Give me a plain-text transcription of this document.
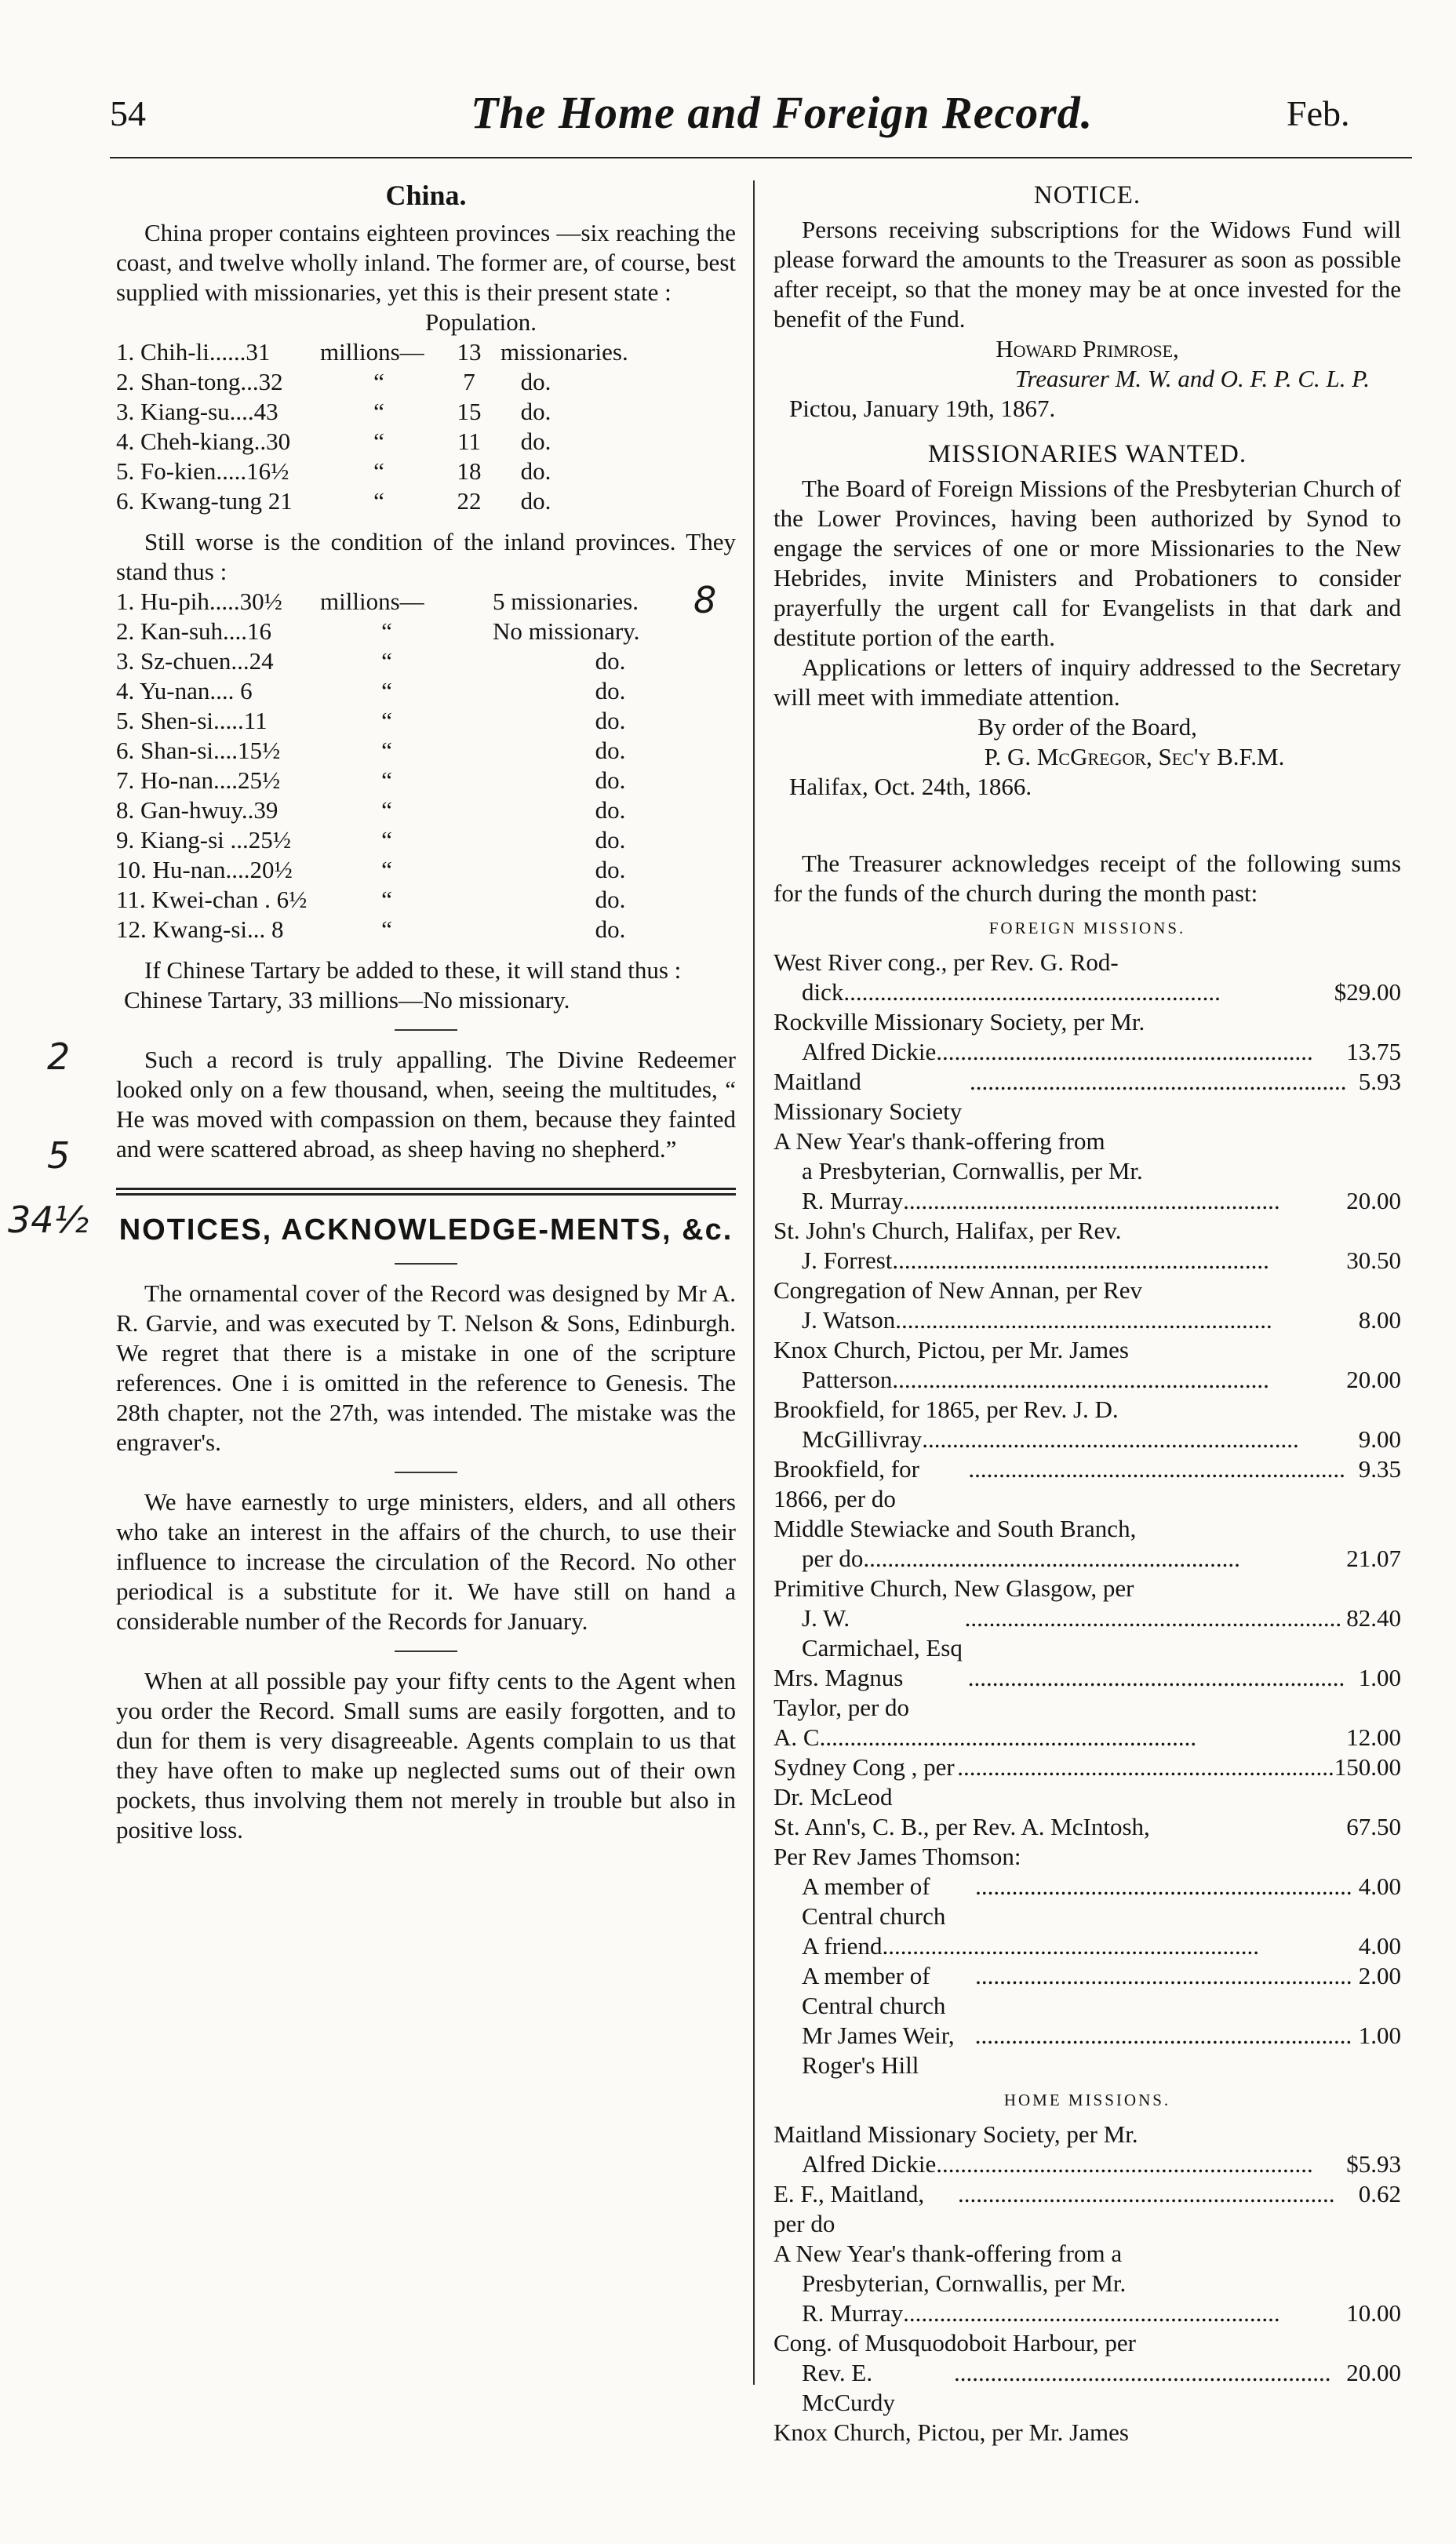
54	The Home and Foreign Record.	Feb.
8
2
5
34½
China.

China proper contains eighteen provinces —six reaching the coast, and twelve wholly inland. The former are, of course, best supplied with missionaries, yet this is their present state :

Population.
1. Chih-li......31	millions—	13 missionaries.
2. Shan-tong...32	“	7	do.
3. Kiang-su....43	“	15	do.
4. Cheh-kiang..30	“	11	do.
5. Fo-kien.....16½	“	18	do.
6. Kwang-tung 21	“	22	do.

Still worse is the condition of the inland provinces. They stand thus :

1. Hu-pih.....30½	millions—	5 missionaries.
2. Kan-suh....16	“	No missionary.
3. Sz-chuen...24	“	do.
4. Yu-nan.... 6	“	do.
5. Shen-si.....11	“	do.
6. Shan-si....15½	“	do.
7. Ho-nan....25½	“	do.
8. Gan-hwuy..39	“	do.
9. Kiang-si ...25½	“	do.
10. Hu-nan....20½	“	do.
11. Kwei-chan . 6½	“	do.
12. Kwang-si... 8	“	do.

If Chinese Tartary be added to these, it will stand thus :

Chinese Tartary, 33 millions—No missionary.

Such a record is truly appalling. The Divine Redeemer looked only on a few thousand, when, seeing the multitudes, “ He was moved with compassion on them, because they fainted and were scattered abroad, as sheep having no shepherd.”

NOTICES, ACKNOWLEDGE-MENTS, &c.

The ornamental cover of the Record was designed by Mr A. R. Garvie, and was executed by T. Nelson & Sons, Edinburgh. We regret that there is a mistake in one of the scripture references. One i is omitted in the reference to Genesis. The 28th chapter, not the 27th, was intended. The mistake was the engraver's.

We have earnestly to urge ministers, elders, and all others who take an interest in the affairs of the church, to use their influence to increase the circulation of the Record. No other periodical is a substitute for it. We have still on hand a considerable number of the Records for January.

When at all possible pay your fifty cents to the Agent when you order the Record. Small sums are easily forgotten, and to dun for them is very disagreeable. Agents complain to us that they have often to make up neglected sums out of their own pockets, thus involving them not merely in trouble but also in positive loss.

NOTICE.

Persons receiving subscriptions for the Widows Fund will please forward the amounts to the Treasurer as soon as possible after receipt, so that the money may be at once invested for the benefit of the Fund.

Howard Primrose,
Treasurer M. W. and O. F. P. C. L. P.
Pictou, January 19th, 1867.
MISSIONARIES WANTED.

The Board of Foreign Missions of the Presbyterian Church of the Lower Provinces, having been authorized by Synod to engage the services of one or more Missionaries to the New Hebrides, invite Ministers and Probationers to consider prayerfully the urgent call for Evangelists in that dark and destitute portion of the earth.

Applications or letters of inquiry addressed to the Secretary will meet with immediate attention.

By order of the Board,
P. G. McGregor, Sec'y B.F.M.
Halifax, Oct. 24th, 1866.

The Treasurer acknowledges receipt of the following sums for the funds of the church during the month past:

FOREIGN MISSIONS.
West River cong., per Rev. G. Rod-
dick ..............................................................	$29.00
Rockville Missionary Society, per Mr.
Alfred Dickie ..............................................................	13.75
Maitland Missionary Society
.............................................................. 5.93
A New Year's thank-offering from
a Presbyterian, Cornwallis, per Mr.
R. Murray ..............................................................	20.00
St. John's Church, Halifax, per Rev.
J. Forrest ..............................................................	30.50
Congregation of New Annan, per Rev
J. Watson ..............................................................	8.00
Knox Church, Pictou, per Mr. James
Patterson ..............................................................	20.00
Brookfield, for 1865, per Rev. J. D.
McGillivray ..............................................................	9.00
Brookfield, for 1866, per do
.............................................................. 9.35
Middle Stewiacke and South Branch,
per do ..............................................................	21.07
Primitive Church, New Glasgow, per
J. W. Carmichael, Esq
.............................................................. 82.40
Mrs. Magnus Taylor, per do
.............................................................. 1.00
A. C ..............................................................	12.00
Sydney Cong , per Dr. McLeod
.............................................................. 150.00
St. Ann's, C. B., per Rev. A. McIntosh,	67.50
Per Rev James Thomson:
A member of Central church
.............................................................. 4.00
A friend ..............................................................	4.00
A member of Central church
.............................................................. 2.00
Mr James Weir, Roger's Hill
.............................................................. 1.00
HOME MISSIONS.
Maitland Missionary Society, per Mr.
Alfred Dickie ..............................................................	$5.93
E. F., Maitland, per do
.............................................................. 0.62
A New Year's thank-offering from a
Presbyterian, Cornwallis, per Mr.
R. Murray ..............................................................	10.00
Cong. of Musquodoboit Harbour, per
Rev. E. McCurdy
.............................................................. 20.00
Knox Church, Pictou, per Mr. James
